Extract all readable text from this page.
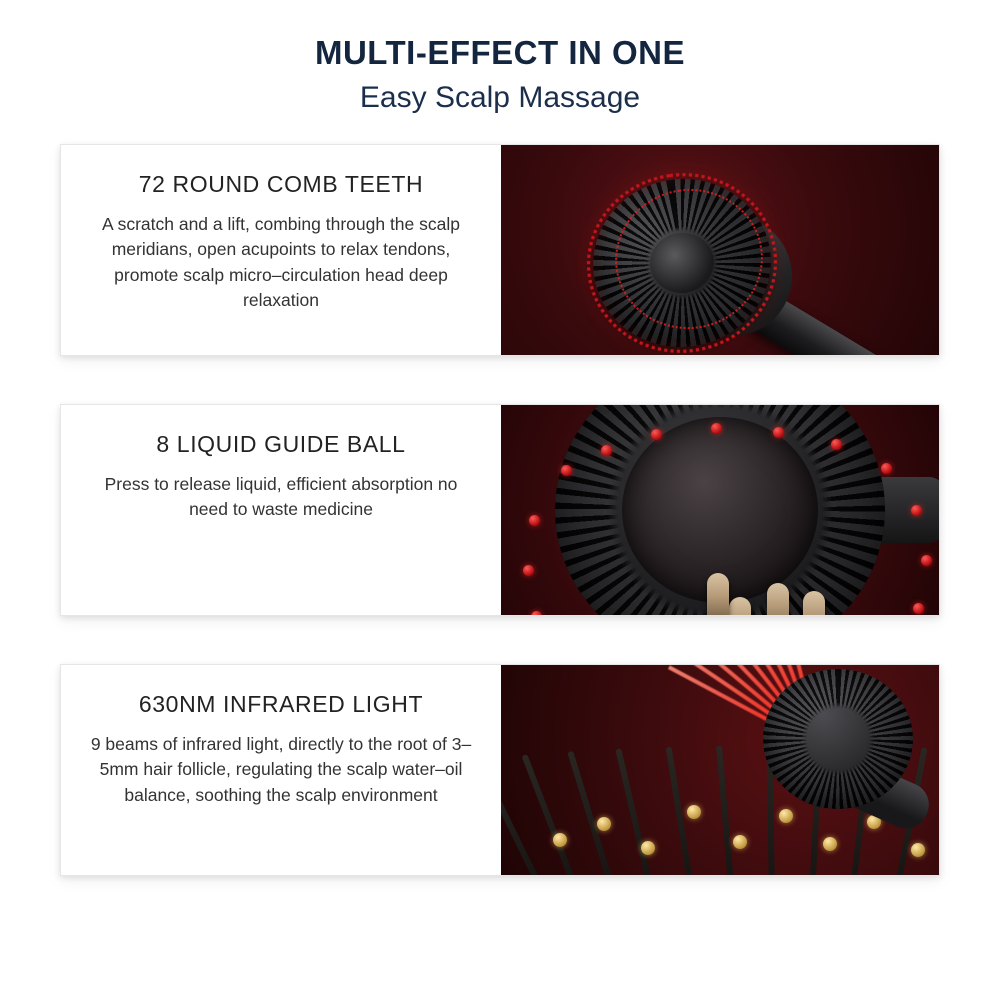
MULTI-EFFECT IN ONE
Easy Scalp Massage
72 ROUND COMB TEETH
A scratch and a lift, combing through the scalp meridians, open acupoints to relax tendons, promote scalp micro–circulation head deep relaxation
8 LIQUID GUIDE BALL
Press to release liquid, efficient absorption no need to waste medicine
630NM INFRARED LIGHT
9 beams of infrared light, directly to the root of 3–5mm hair follicle, regulating the scalp water–oil balance, soothing the scalp environment
